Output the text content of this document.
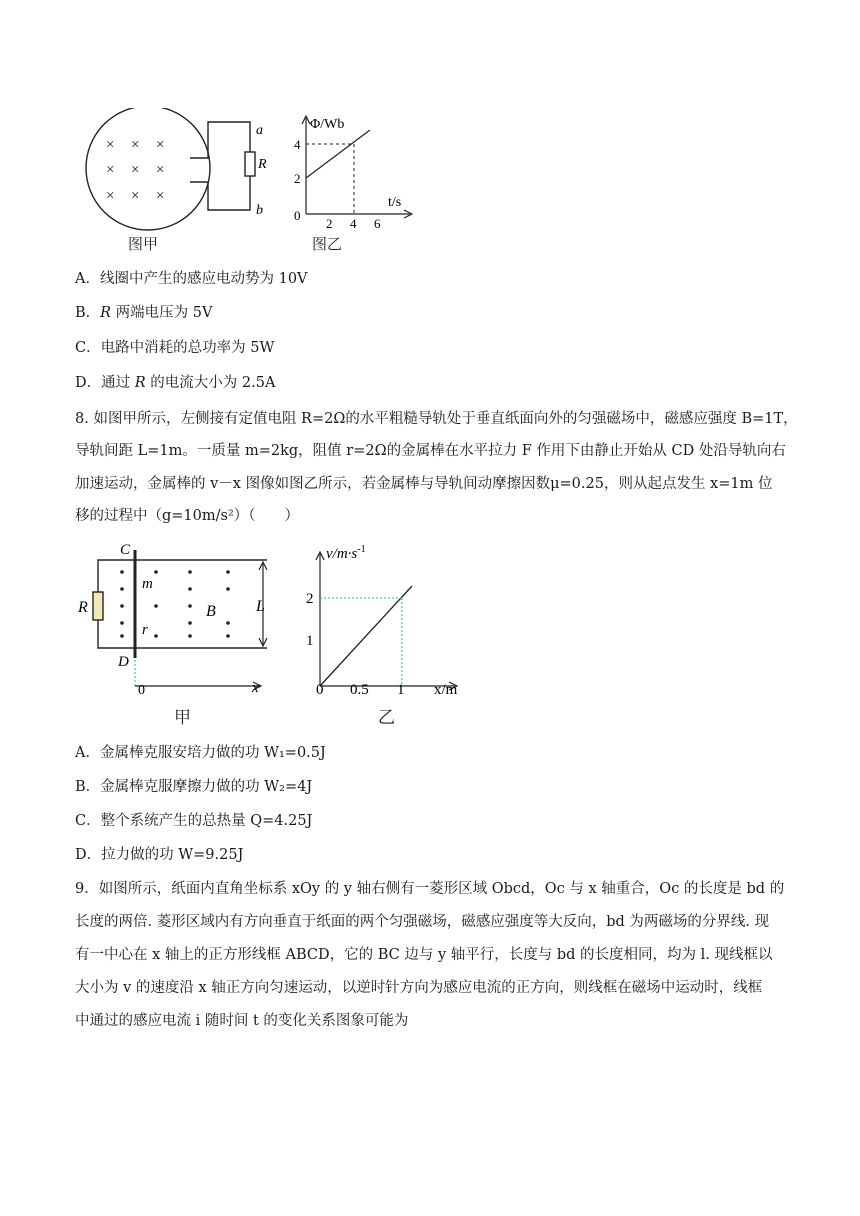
× × ×
× × ×
× × ×
a
R
b
Φ/Wb
t/s
0
4
2
2 4 6
图甲	图乙
A．线圈中产生的感应电动势为 10V
B．R 两端电压为 5V
C．电路中消耗的总功率为 5W
D．通过 R 的电流大小为 2.5A
8. 如图甲所示，左侧接有定值电阻 R=2Ω的水平粗糙导轨处于垂直纸面向外的匀强磁场中，磁感应强度 B=1T，
导轨间距 L=1m。一质量 m=2kg，阻值 r=2Ω的金属棒在水平拉力 F 作用下由静止开始从 CD 处沿导轨向右
加速运动，金属棒的 v－x 图像如图乙所示，若金属棒与导轨间动摩擦因数μ=0.25，则从起点发生 x=1m 位
移的过程中（g=10m/s²）（　　）
C
D
R
m
r
B	L
0	x
$v/m\cdot s^{-1}$
x/m
0
2
1
0.5 1
甲	乙
A．金属棒克服安培力做的功 W₁=0.5J
B．金属棒克服摩擦力做的功 W₂=4J
C．整个系统产生的总热量 Q=4.25J
D．拉力做的功 W=9.25J
9．如图所示，纸面内直角坐标系 xOy 的 y 轴右侧有一菱形区域 Obcd，Oc 与 x 轴重合，Oc 的长度是 bd 的
长度的两倍. 菱形区域内有方向垂直于纸面的两个匀强磁场，磁感应强度等大反向，bd 为两磁场的分界线. 现
有一中心在 x 轴上的正方形线框 ABCD，它的 BC 边与 y 轴平行，长度与 bd 的长度相同，均为 l. 现线框以
大小为 v 的速度沿 x 轴正方向匀速运动，以逆时针方向为感应电流的正方向，则线框在磁场中运动时，线框
中通过的感应电流 i 随时间 t 的变化关系图象可能为
